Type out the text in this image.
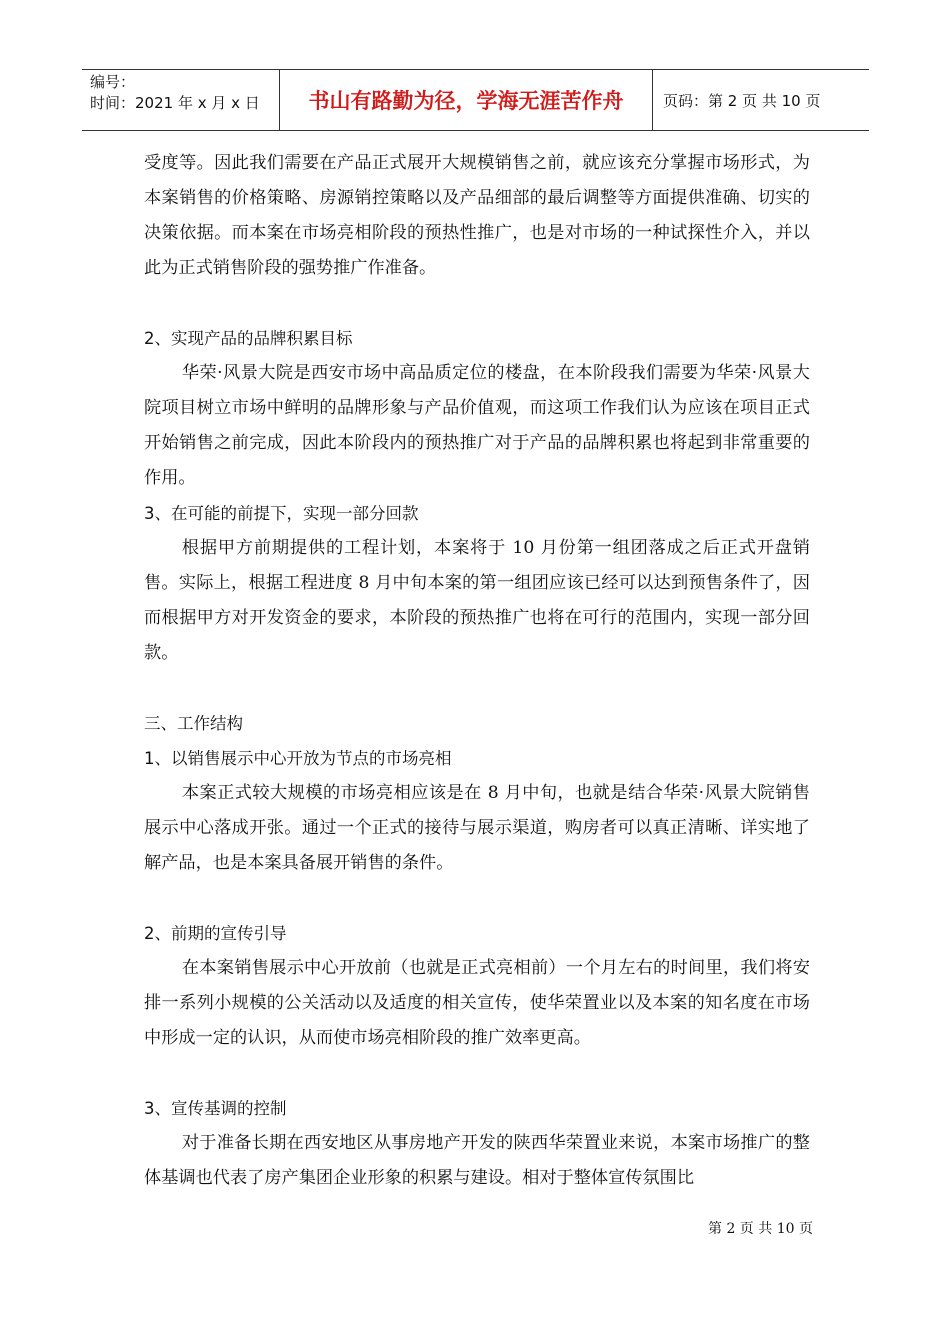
编号：
时间：2021 年 x 月 x 日	书山有路勤为径，学海无涯苦作舟	页码：第 2 页 共 10 页

受度等。因此我们需要在产品正式展开大规模销售之前，就应该充分掌握市场形式，为本案销售的价格策略、房源销控策略以及产品细部的最后调整等方面提供准确、切实的决策依据。而本案在市场亮相阶段的预热性推广，也是对市场的一种试探性介入，并以此为正式销售阶段的强势推广作准备。

2、实现产品的品牌积累目标

华荣·风景大院是西安市场中高品质定位的楼盘，在本阶段我们需要为华荣·风景大院项目树立市场中鲜明的品牌形象与产品价值观，而这项工作我们认为应该在项目正式开始销售之前完成，因此本阶段内的预热推广对于产品的品牌积累也将起到非常重要的作用。

3、在可能的前提下，实现一部分回款

根据甲方前期提供的工程计划，本案将于 10 月份第一组团落成之后正式开盘销售。实际上，根据工程进度 8 月中旬本案的第一组团应该已经可以达到预售条件了，因而根据甲方对开发资金的要求，本阶段的预热推广也将在可行的范围内，实现一部分回款。

三、工作结构

1、以销售展示中心开放为节点的市场亮相

本案正式较大规模的市场亮相应该是在 8 月中旬，也就是结合华荣·风景大院销售展示中心落成开张。通过一个正式的接待与展示渠道，购房者可以真正清晰、详实地了解产品，也是本案具备展开销售的条件。

2、前期的宣传引导

在本案销售展示中心开放前（也就是正式亮相前）一个月左右的时间里，我们将安排一系列小规模的公关活动以及适度的相关宣传，使华荣置业以及本案的知名度在市场中形成一定的认识，从而使市场亮相阶段的推广效率更高。

3、宣传基调的控制

对于准备长期在西安地区从事房地产开发的陕西华荣置业来说，本案市场推广的整体基调也代表了房产集团企业形象的积累与建设。相对于整体宣传氛围比

第 2 页 共 10 页
